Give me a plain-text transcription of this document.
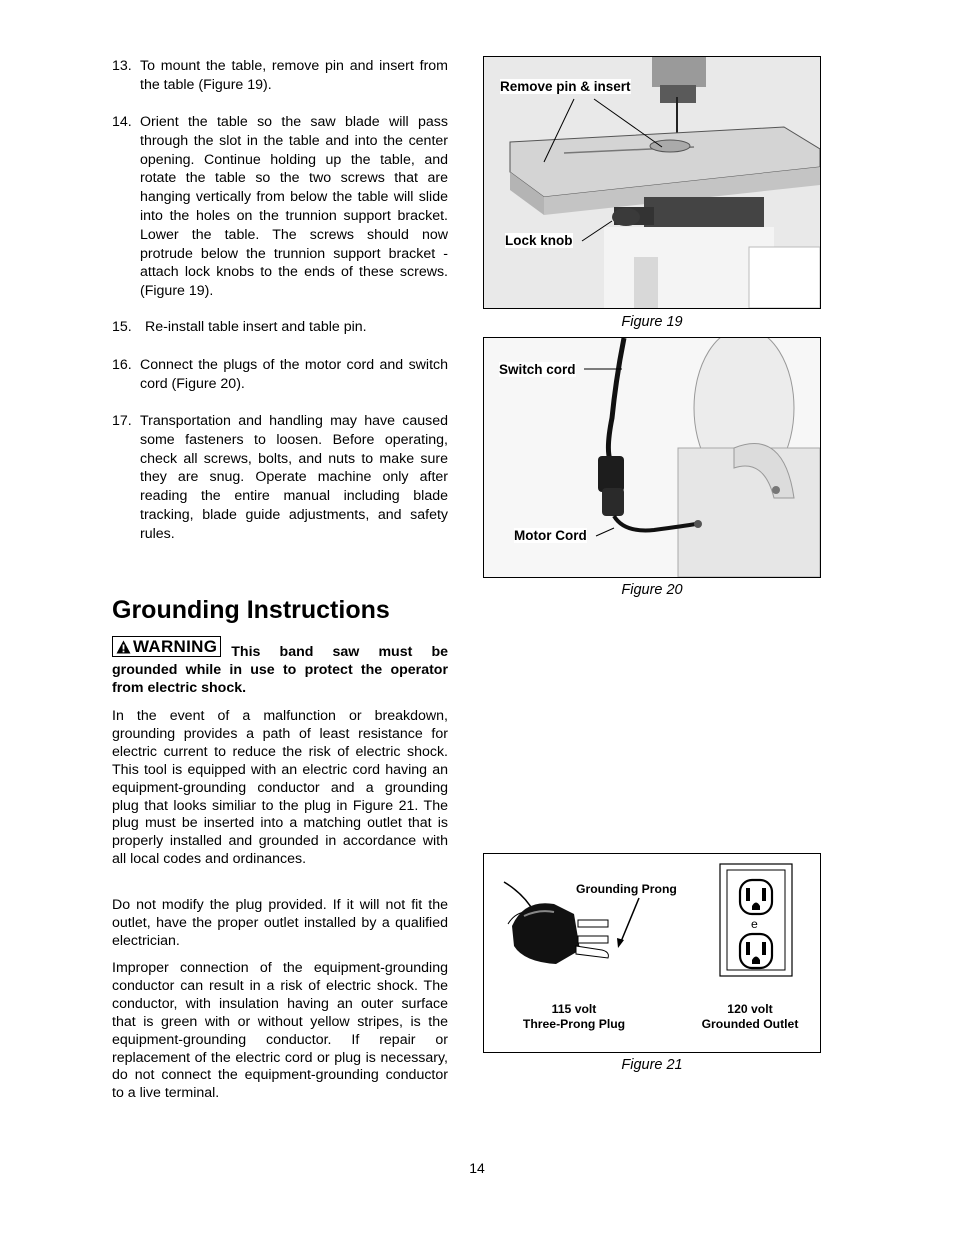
13. To mount the table, remove pin and insert from the table (Figure 19).
14. Orient the table so the saw blade will pass through the slot in the table and into the center opening. Continue holding up the table, and rotate the table so the two screws that are hanging vertically from below the table will slide into the holes on the trunnion support bracket. Lower the table. The screws should now protrude below the trunnion support bracket - attach lock knobs to the ends of these screws. (Figure 19).
15. Re-install table insert and table pin.
16. Connect the plugs of the motor cord and switch cord (Figure 20).
17. Transportation and handling may have caused some fasteners to loosen. Before operating, check all screws, bolts, and nuts to make sure they are snug. Operate machine only after reading the entire manual including blade tracking, blade guide adjustments, and safety rules.
Grounding Instructions
WARNING This band saw must be grounded while in use to protect the operator from electric shock.

In the event of a malfunction or breakdown, grounding provides a path of least resistance for electric current to reduce the risk of electric shock. This tool is equipped with an electric cord having an equipment-grounding conductor and a grounding plug that looks similiar to the plug in Figure 21. The plug must be inserted into a matching outlet that is properly installed and grounded in accordance with all local codes and ordinances.

Do not modify the plug provided. If it will not fit the outlet, have the proper outlet installed by a qualified electrician.

Improper connection of the equipment-grounding conductor can result in a risk of electric shock. The conductor, with insulation having an outer surface that is green with or without yellow stripes, is the equipment-grounding conductor. If repair or replacement of the electric cord or plug is necessary, do not connect the equipment-grounding conductor to a live terminal.

Remove pin & insert
Lock knob
Figure 19
Switch cord
Motor Cord
Figure 20
Grounding Prong
e
115 volt
Three-Prong Plug
120 volt
Grounded Outlet
Figure 21
14
